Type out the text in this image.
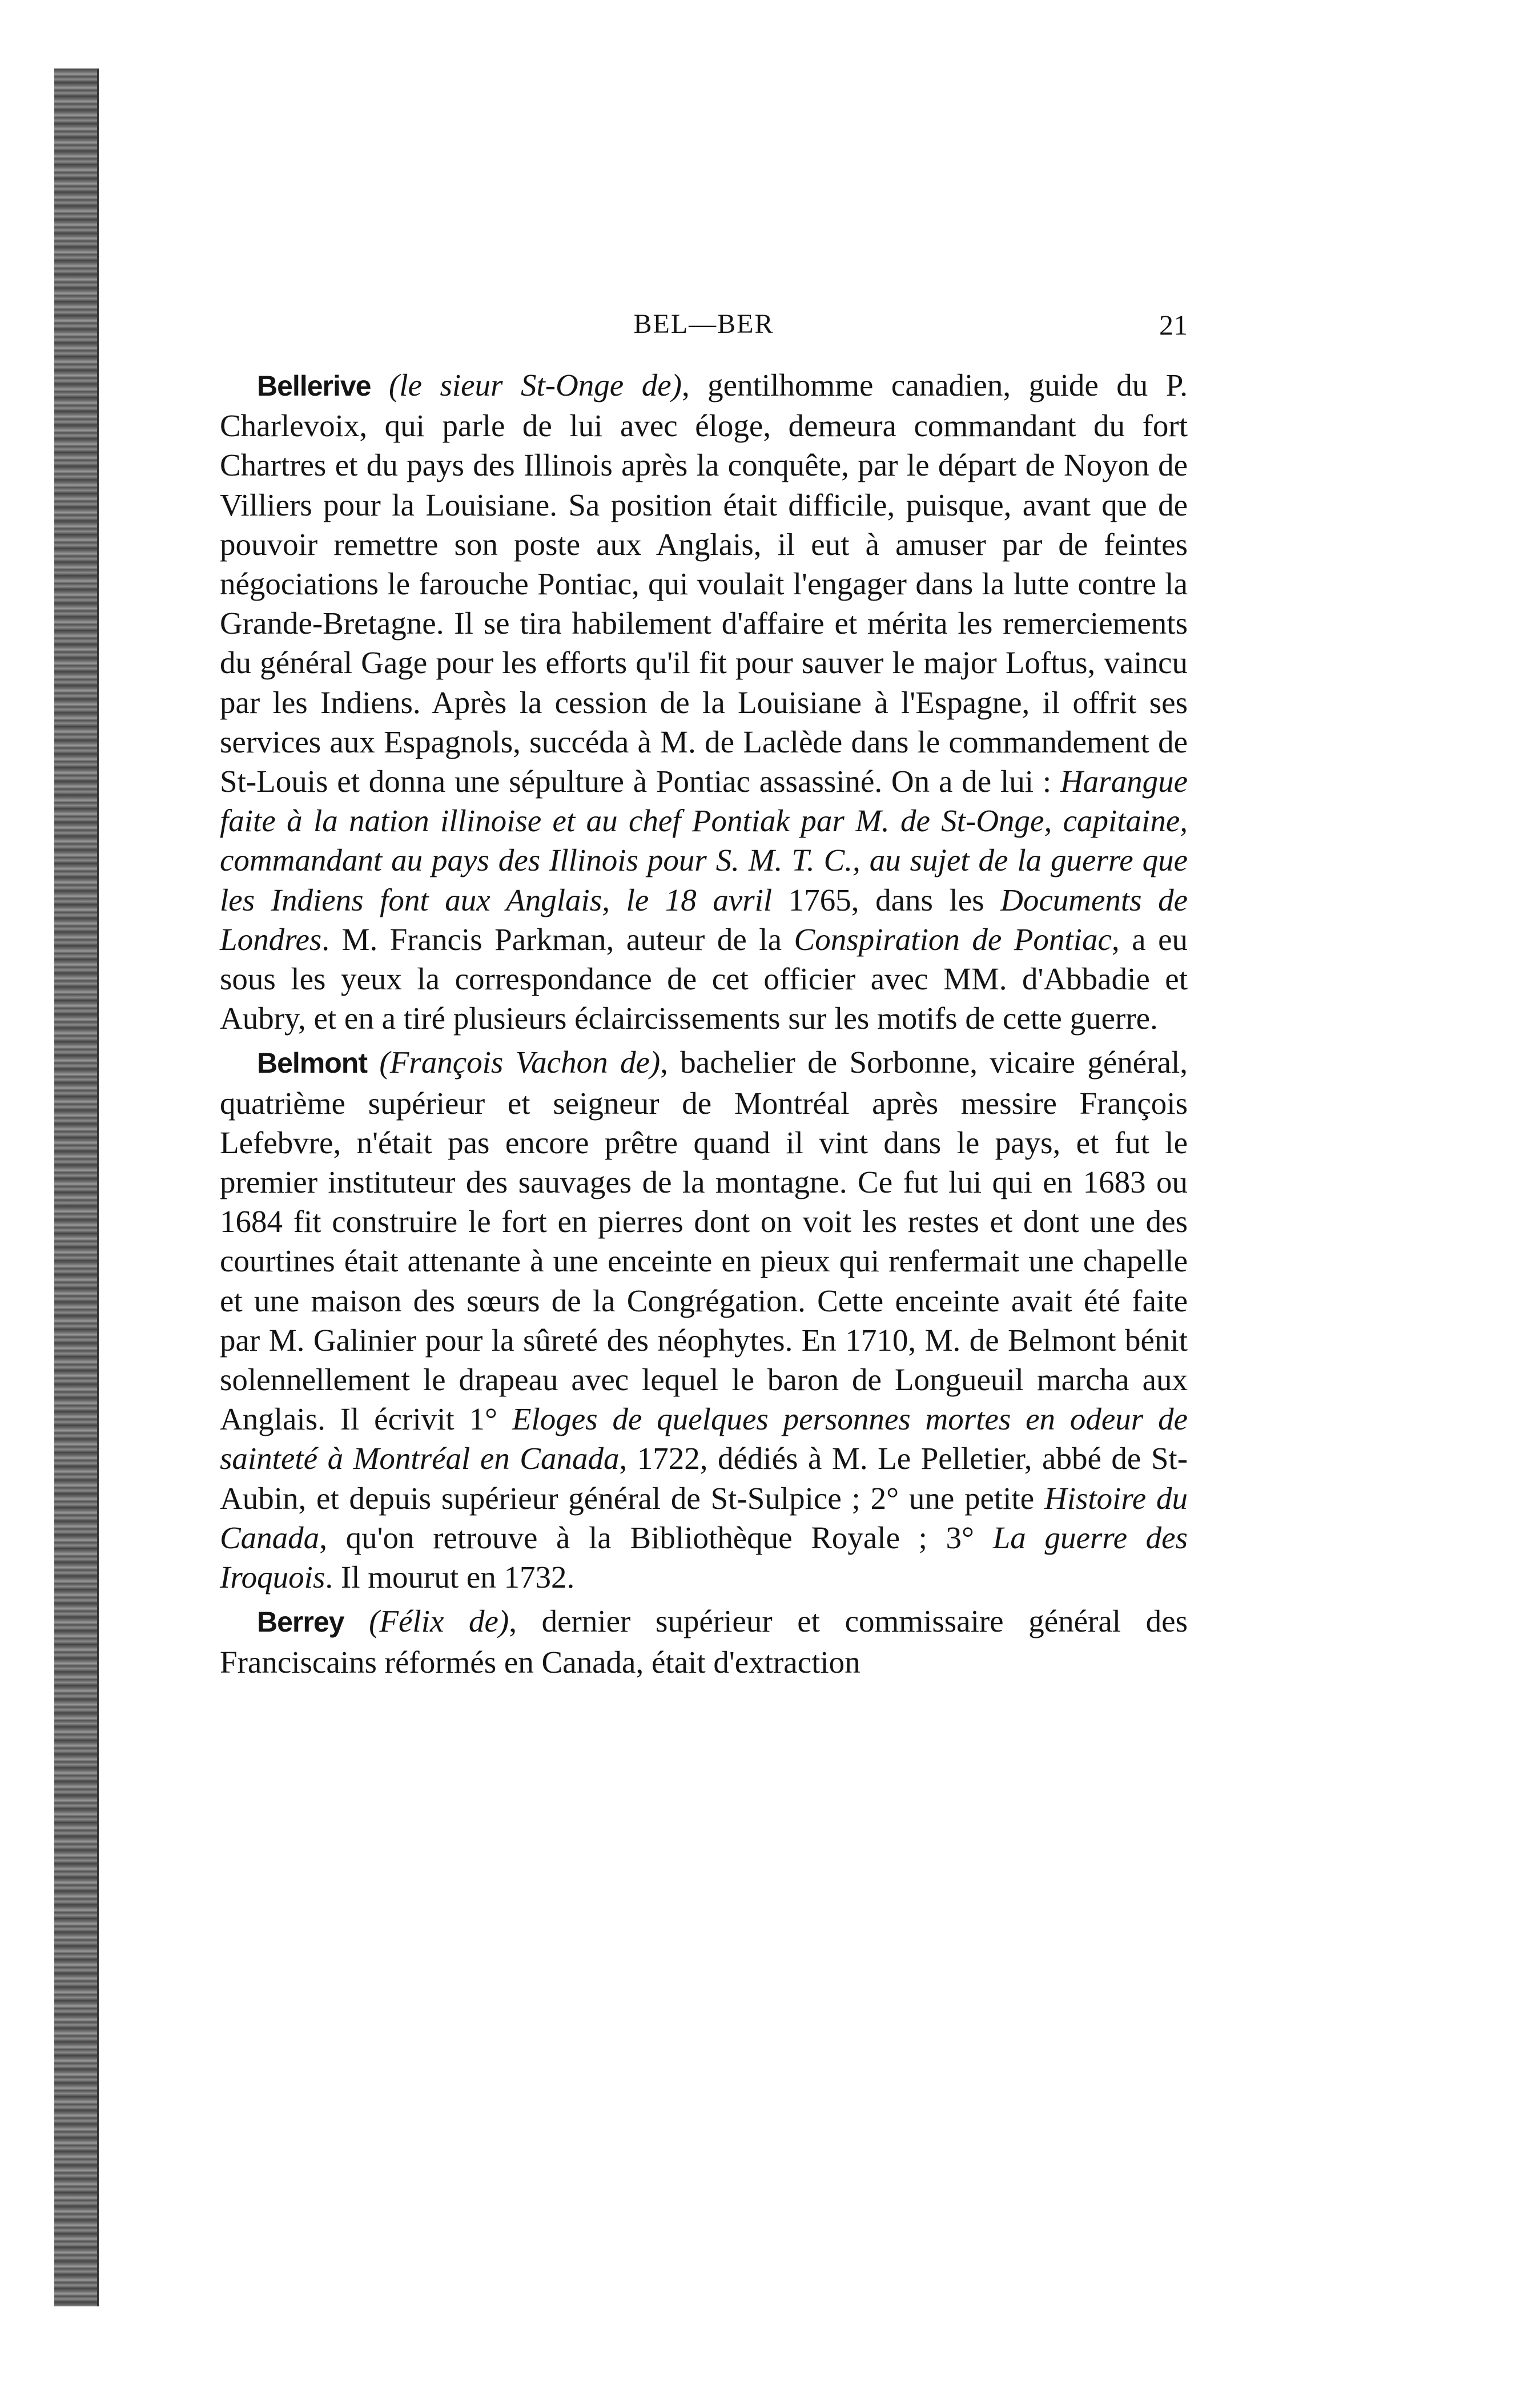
BEL—BER	21

Bellerive (le sieur St-Onge de), gentilhomme canadien, guide du P. Charlevoix, qui parle de lui avec éloge, demeura commandant du fort Chartres et du pays des Illinois après la conquête, par le départ de Noyon de Villiers pour la Louisiane. Sa position était difficile, puisque, avant que de pouvoir remettre son poste aux Anglais, il eut à amuser par de feintes négociations le farouche Pontiac, qui voulait l'engager dans la lutte contre la Grande-Bretagne. Il se tira habilement d'affaire et mérita les remerciements du général Gage pour les efforts qu'il fit pour sauver le major Loftus, vaincu par les Indiens. Après la cession de la Louisiane à l'Espagne, il offrit ses services aux Espagnols, succéda à M. de Laclède dans le commandement de St-Louis et donna une sépulture à Pontiac assassiné. On a de lui : Harangue faite à la nation illinoise et au chef Pontiak par M. de St-Onge, capitaine, commandant au pays des Illinois pour S. M. T. C., au sujet de la guerre que les Indiens font aux Anglais, le 18 avril 1765, dans les Documents de Londres. M. Francis Parkman, auteur de la Conspiration de Pontiac, a eu sous les yeux la correspondance de cet officier avec MM. d'Abbadie et Aubry, et en a tiré plusieurs éclaircissements sur les motifs de cette guerre.

Belmont (François Vachon de), bachelier de Sorbonne, vicaire général, quatrième supérieur et seigneur de Montréal après messire François Lefebvre, n'était pas encore prêtre quand il vint dans le pays, et fut le premier instituteur des sauvages de la montagne. Ce fut lui qui en 1683 ou 1684 fit construire le fort en pierres dont on voit les restes et dont une des courtines était attenante à une enceinte en pieux qui renfermait une chapelle et une maison des sœurs de la Congrégation. Cette enceinte avait été faite par M. Galinier pour la sûreté des néophytes. En 1710, M. de Belmont bénit solennellement le drapeau avec lequel le baron de Longueuil marcha aux Anglais. Il écrivit 1° Eloges de quelques personnes mortes en odeur de sainteté à Montréal en Canada, 1722, dédiés à M. Le Pelletier, abbé de St-Aubin, et depuis supérieur général de St-Sulpice ; 2° une petite Histoire du Canada, qu'on retrouve à la Bibliothèque Royale ; 3° La guerre des Iroquois. Il mourut en 1732.

Berrey (Félix de), dernier supérieur et commissaire général des Franciscains réformés en Canada, était d'extraction
